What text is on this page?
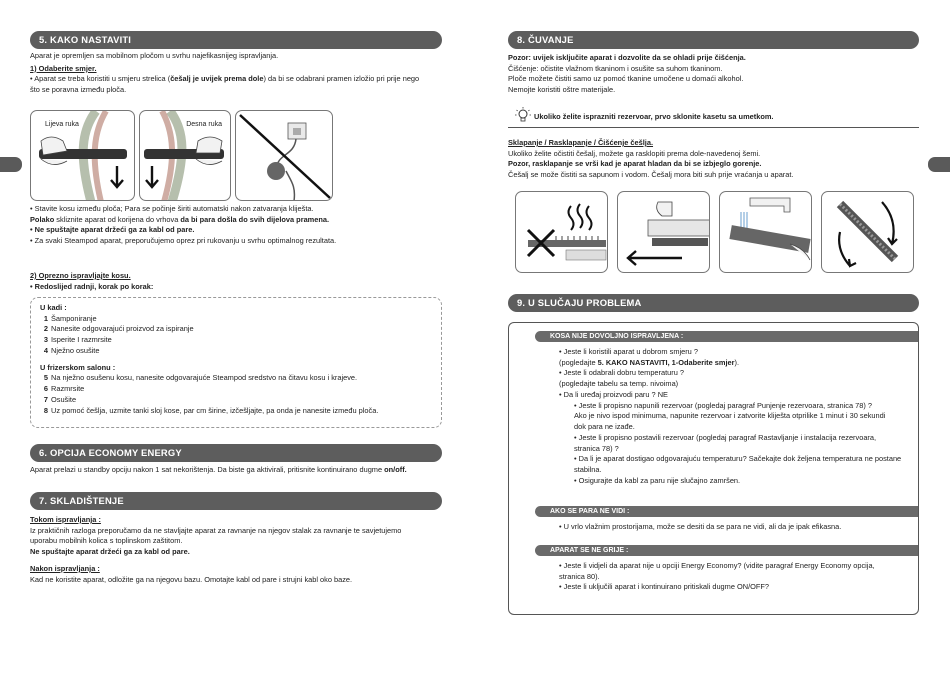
5. KAKO NASTAVITI

Aparat je opremljen sa mobilnom pločom u svrhu najefikasnijeg ispravljanja.

1) Odaberite smjer.

• Aparat se treba koristiti u smjeru strelica (češalj je uvijek prema dole) da bi se odabrani pramen izložio pri prije nego

što se poravna između ploča.

Lijeva ruka	Desna ruka

• Stavite kosu između ploča; Para se počinje širiti automatski nakon zatvaranja kliješta.

Polako skliznite aparat od korijena do vrhova da bi para došla do svih dijelova pramena.

• Ne spuštajte aparat držeći ga za kabl od pare.

• Za svaki Steampod aparat, preporučujemo oprez pri rukovanju u svrhu optimalnog rezultata.

2) Oprezno ispravljajte kosu.

• Redoslijed radnji, korak po korak:

U kadi :

1 Šamponiranje

2 Nanesite odgovarajući proizvod za ispiranje

3 Isperite I razmrsite

4 Nježno osušite

U frizerskom salonu :

5 Na nježno osušenu kosu, nanesite odgovarajuće Steampod sredstvo na čitavu kosu i krajeve.

6 Razmrsite

7 Osušite

8 Uz pomoć češlja, uzmite tanki sloj kose, par cm širine, izčešljajte, pa onda je nanesite između ploča.

6. OPCIJA ECONOMY ENERGY

Aparat prelazi u standby opciju nakon 1 sat nekorištenja. Da biste ga aktivirali, pritisnite kontinuirano dugme on/off.

7. SKLADIŠTENJE

Tokom ispravljanja :

Iz praktičnih razloga preporučamo da ne stavljajte aparat za ravnanje na njegov stalak za ravnanje te savjetujemo

uporabu mobilnih kolica s toplinskom zaštitom.

Ne spuštajte aparat držeći ga za kabl od pare.

Nakon ispravljanja :

Kad ne koristite aparat, odložite ga na njegovu bazu. Omotajte kabl od pare i strujni kabl oko baze.

8. ČUVANJE

Pozor: uvijek isključite aparat i dozvolite da se ohladi prije čišćenja.

Čišćenje: očistite vlažnom tkaninom i osušite sa suhom tkaninom.

Ploče možete čistiti samo uz pomoć tkanine umočene u domaći alkohol.

Nemojte koristiti oštre materijale.

Ukoliko želite isprazniti rezervoar, prvo sklonite kasetu sa umetkom.

Sklapanje / Rasklapanje / Čišćenje češlja.

Ukoliko želite očistiti češalj, možete ga rasklopiti prema dole-navedenoj šemi.

Pozor, rasklapanje se vrši kad je aparat hladan da bi se izbjeglo gorenje.

Češalj se može čistiti sa sapunom i vodom. Češalj mora biti suh prije vraćanja u aparat.

9. U SLUČAJU PROBLEMA
KOSA NIJE DOVOLJNO ISPRAVLJENA :

• Jeste li koristili aparat u dobrom smjeru ?

(pogledajte 5. KAKO NASTAVITI, 1-Odaberite smjer).

• Jeste li odabrali dobru temperaturu ?

(pogledajte tabelu sa temp. nivoima)

• Da li uređaj proizvodi paru ? NE

• Jeste li propisno napunili rezervoar (pogledaj paragraf Punjenje rezervoara, stranica 78) ?

Ako je nivo ispod minimuma, napunite rezervoar i zatvorite kliješta otprilike 1 minut i 30 sekundi

dok para ne izađe.

• Jeste li propisno postavili rezervoar (pogledaj paragraf Rastavljanje i instalacija rezervoara,

stranica 78) ?

• Da li je aparat dostigao odgovarajuću temperaturu? Sačekajte dok željena temperatura ne postane

stabilna.

• Osigurajte da kabl za paru nije slučajno zamršen.

AKO SE PARA NE VIDI :

• U vrlo vlažnim prostorijama, može se desiti da se para ne vidi, ali da je ipak efikasna.

APARAT SE NE GRIJE :

• Jeste li vidjeli da aparat nije u opciji Energy Economy? (vidite paragraf Energy Economy opcija,

stranica 80).

• Jeste li uključili aparat i kontinuirano pritiskali dugme ON/OFF?
